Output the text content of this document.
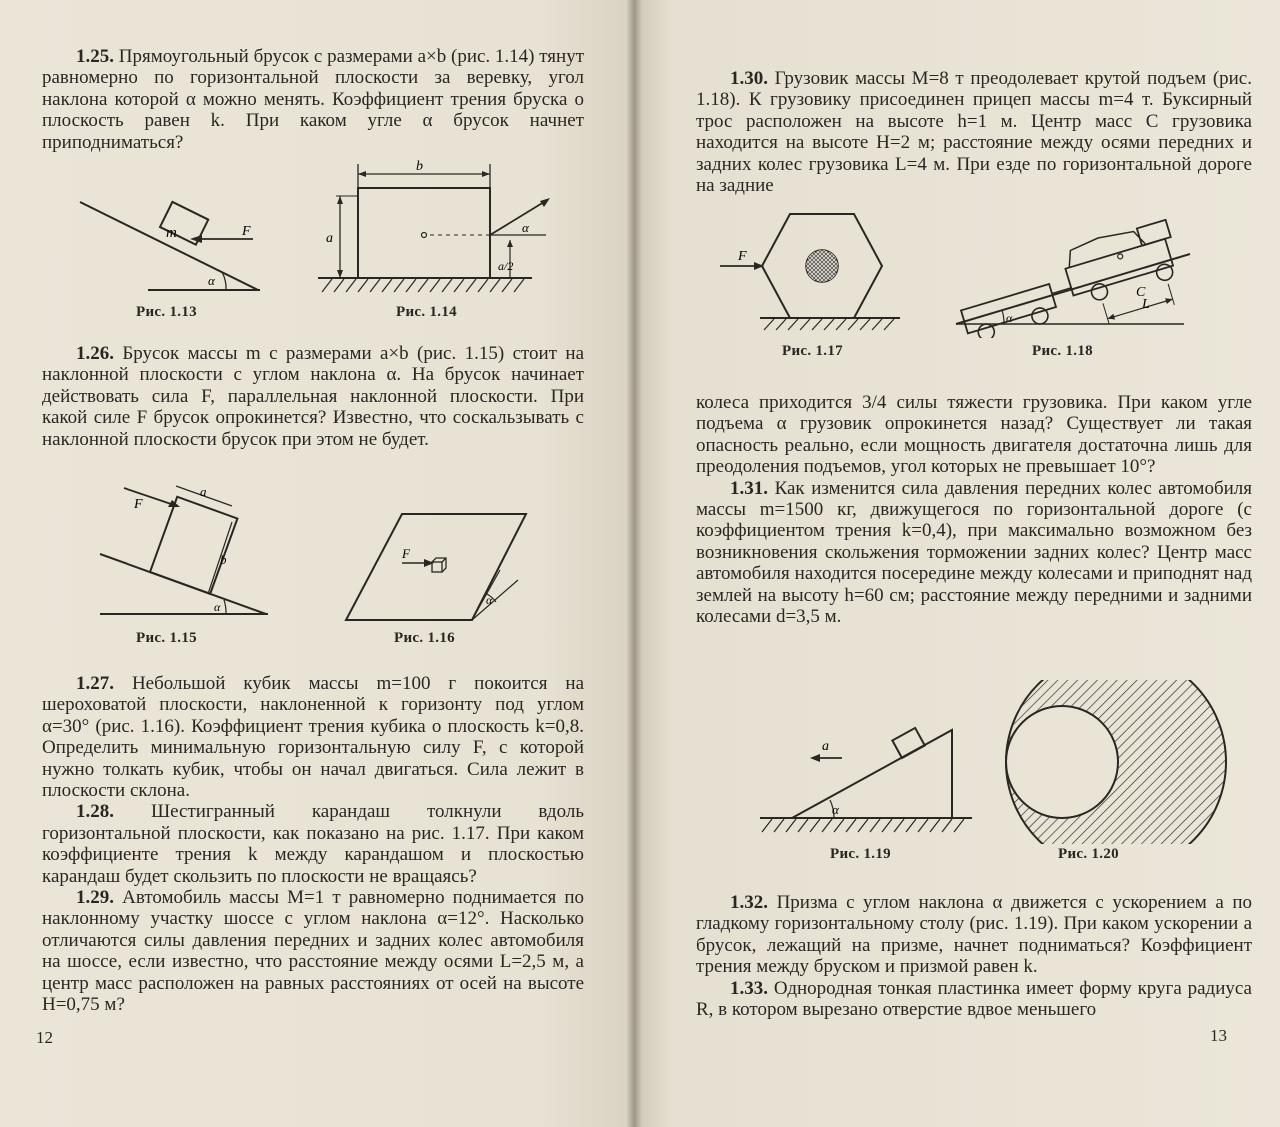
1.25. Прямоугольный брусок с размерами a×b (рис. 1.14) тянут равномерно по горизонтальной плоскости за веревку, угол наклона которой α можно менять. Коэффициент трения бруска о плоскость равен k. При каком угле α брусок начнет приподниматься?

m	F
α
Рис. 1.13
b
a
α
a/2
Рис. 1.14

1.26. Брусок массы m с размерами a×b (рис. 1.15) стоит на наклонной плоскости с углом наклона α. На брусок начинает действовать сила F, параллельная наклонной плоскости. При какой силе F брусок опрокинется? Известно, что соскальзывать с наклонной плоскости брусок при этом не будет.

F
a
b
α
Рис. 1.15
F
α
Рис. 1.16

1.27. Небольшой кубик массы m=100 г покоится на шероховатой плоскости, наклоненной к горизонту под углом α=30° (рис. 1.16). Коэффициент трения кубика о плоскость k=0,8. Определить минимальную горизонтальную силу F, с которой нужно толкать кубик, чтобы он начал двигаться. Сила лежит в плоскости склона.

1.28. Шестигранный карандаш толкнули вдоль горизонтальной плоскости, как показано на рис. 1.17. При каком коэффициенте трения k между карандашом и плоскостью карандаш будет скользить по плоскости не вращаясь?

1.29. Автомобиль массы M=1 т равномерно поднимается по наклонному участку шоссе с углом наклона α=12°. Насколько отличаются силы давления передних и задних колес автомобиля на шоссе, если известно, что расстояние между осями L=2,5 м, а центр масс расположен на равных расстояниях от осей на высоте H=0,75 м?

12

1.30. Грузовик массы M=8 т преодолевает крутой подъем (рис. 1.18). К грузовику присоединен прицеп массы m=4 т. Буксирный трос расположен на высоте h=1 м. Центр масс C грузовика находится на высоте H=2 м; расстояние между осями передних и задних колес грузовика L=4 м. При езде по горизонтальной дороге на задние

F
Рис. 1.17
α
C
L
Рис. 1.18

колеса приходится 3/4 силы тяжести грузовика. При каком угле подъема α грузовик опрокинется назад? Существует ли такая опасность реально, если мощность двигателя достаточна лишь для преодоления подъемов, угол которых не превышает 10°?

1.31. Как изменится сила давления передних колес автомобиля массы m=1500 кг, движущегося по горизонтальной дороге (с коэффициентом трения k=0,4), при максимально возможном без возникновения скольжения торможении задних колес? Центр масс автомобиля находится посередине между колесами и приподнят над землей на высоту h=60 см; расстояние между передними и задними колесами d=3,5 м.

a
α
Рис. 1.19	Рис. 1.20

1.32. Призма с углом наклона α движется с ускорением a по гладкому горизонтальному столу (рис. 1.19). При каком ускорении a брусок, лежащий на призме, начнет подниматься? Коэффициент трения между бруском и призмой равен k.

1.33. Однородная тонкая пластинка имеет форму круга радиуса R, в котором вырезано отверстие вдвое меньшего

13
